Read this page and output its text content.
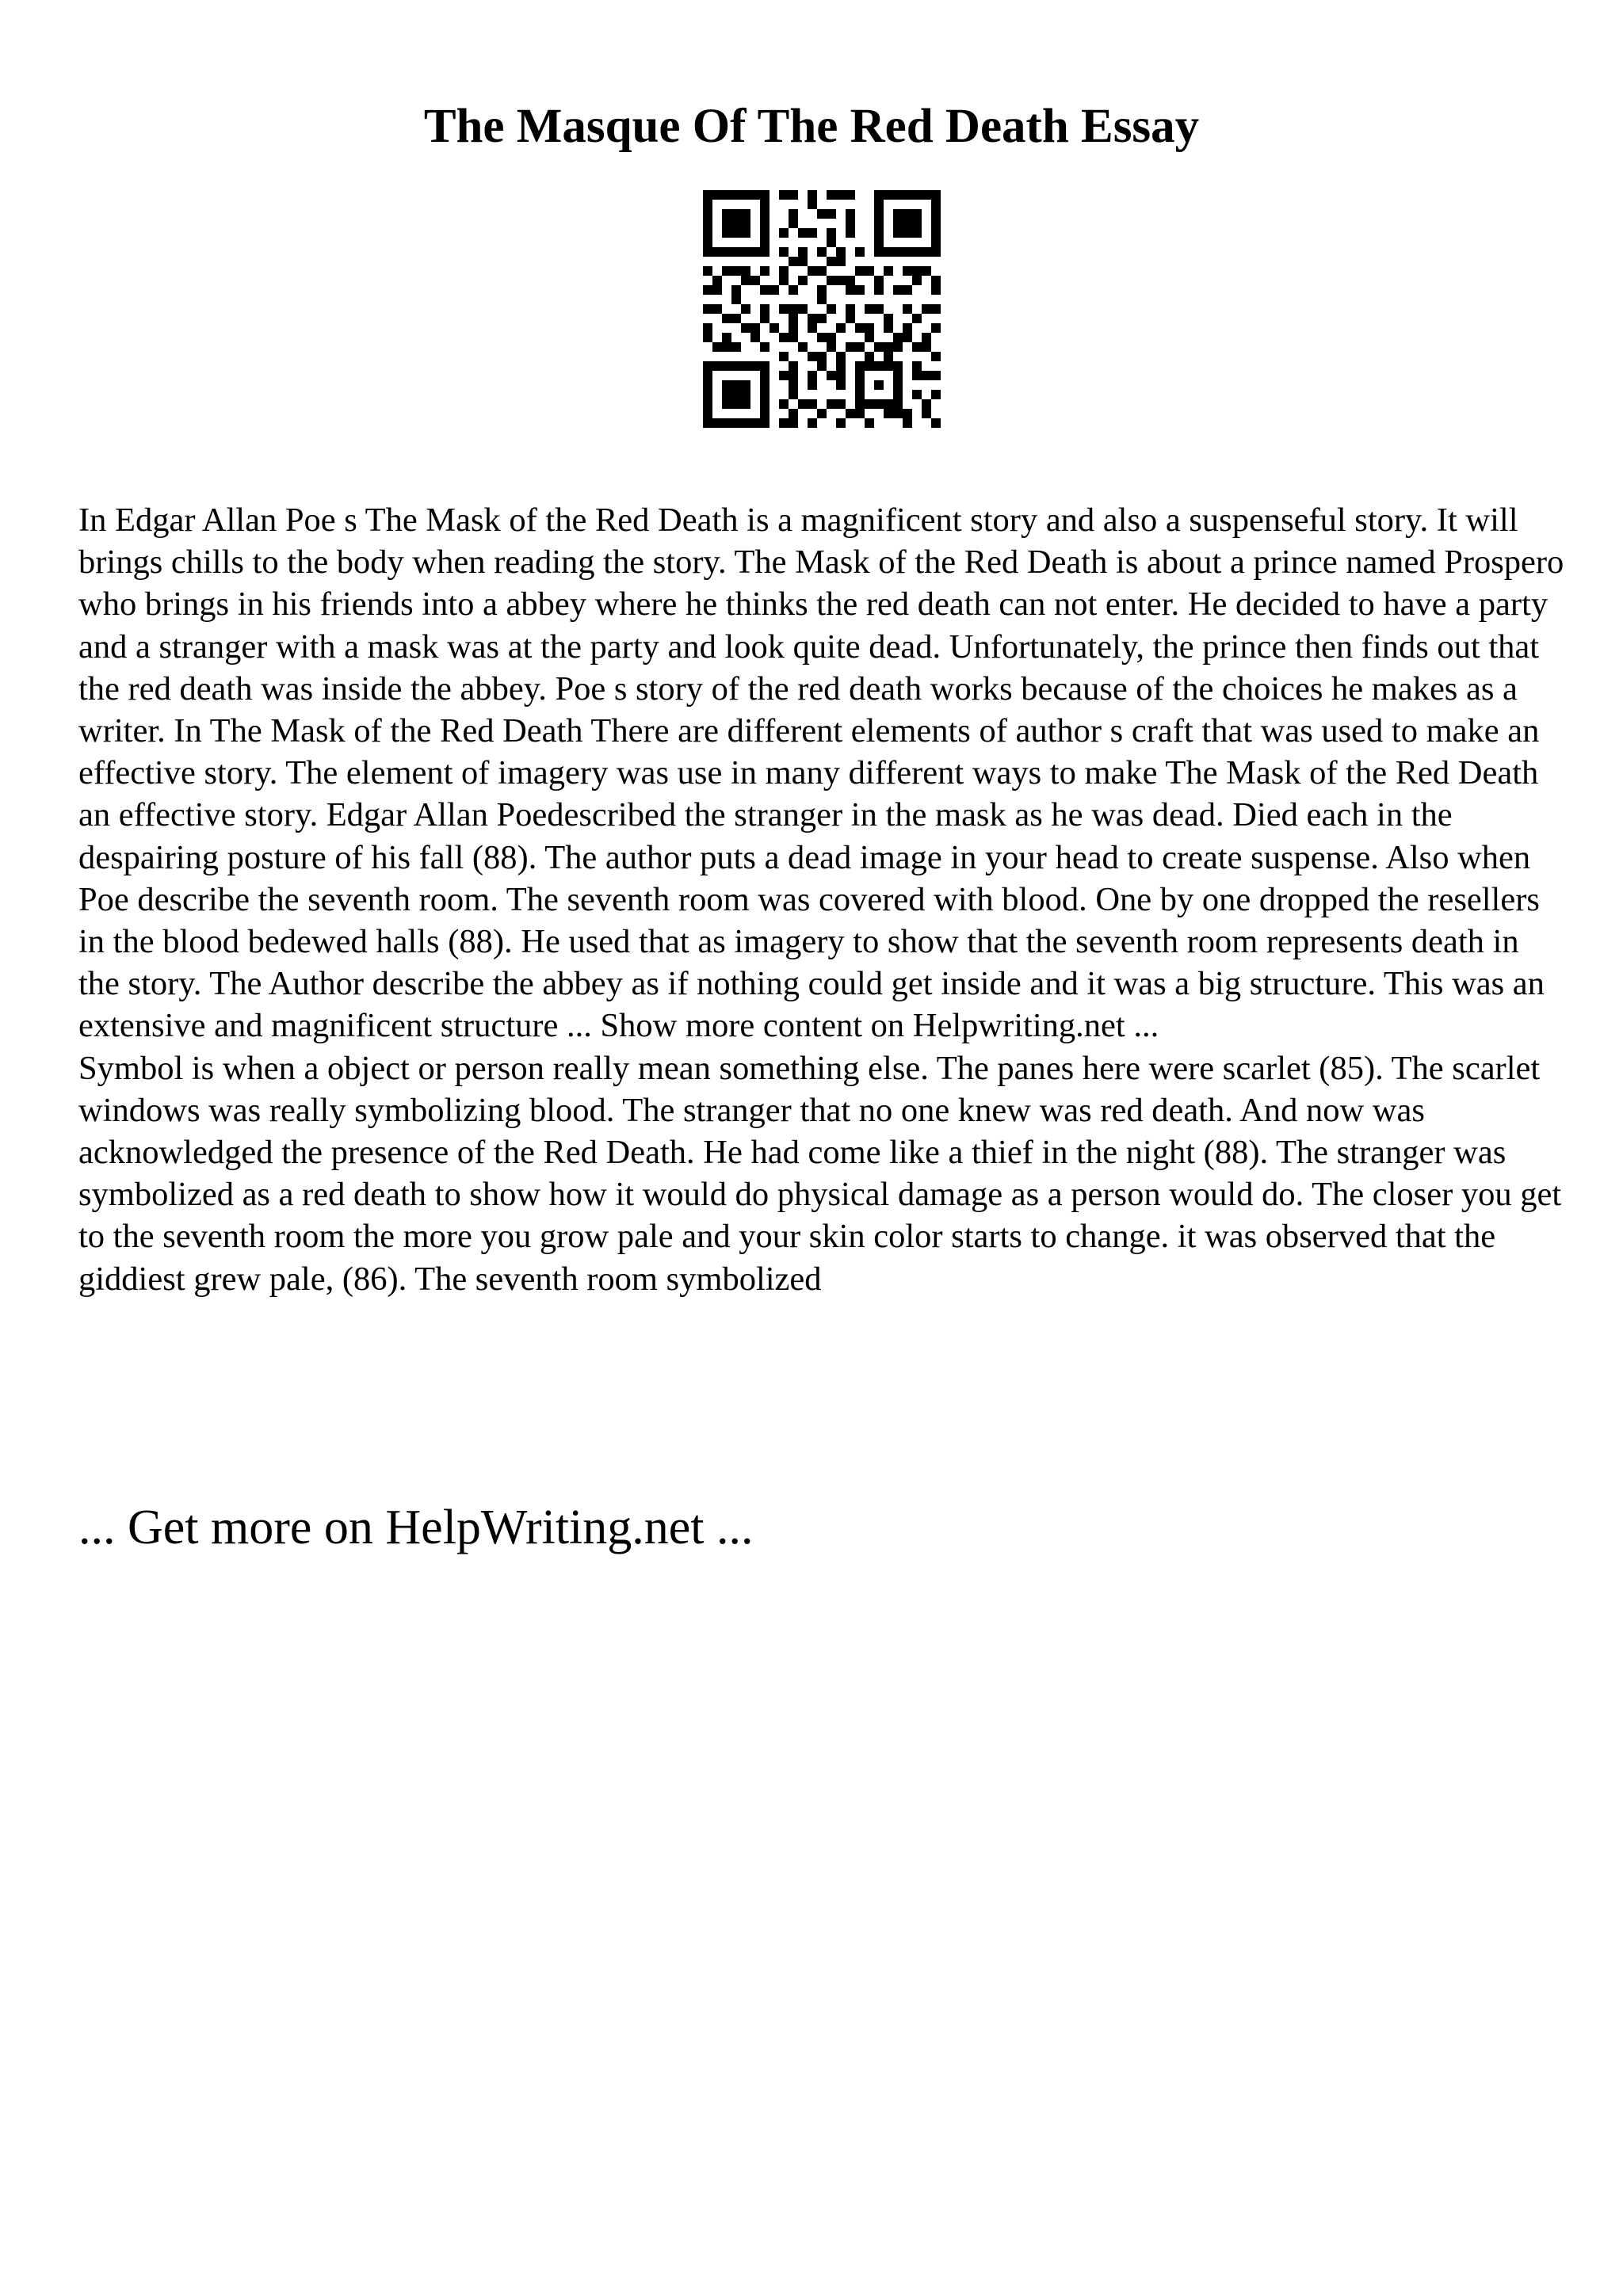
The Masque Of The Red Death Essay

In Edgar Allan Poe s The Mask of the Red Death is a magnificent story and also a suspenseful story. It will brings chills to the body when reading the story. The Mask of the Red Death is about a prince named Prospero who brings in his friends into a abbey where he thinks the red death can not enter. He decided to have a party and a stranger with a mask was at the party and look quite dead. Unfortunately, the prince then finds out that the red death was inside the abbey. Poe s story of the red death works because of the choices he makes as a writer. In The Mask of the Red Death There are different elements of author s craft that was used to make an effective story. The element of imagery was use in many different ways to make The Mask of the Red Death an effective story. Edgar Allan Poedescribed the stranger in the mask as he was dead. Died each in the despairing posture of his fall (88). The author puts a dead image in your head to create suspense. Also when Poe describe the seventh room. The seventh room was covered with blood. One by one dropped the resellers in the blood bedewed halls (88). He used that as imagery to show that the seventh room represents death in the story. The Author describe the abbey as if nothing could get inside and it was a big structure. This was an extensive and magnificent structure ... Show more content on Helpwriting.net ...

Symbol is when a object or person really mean something else. The panes here were scarlet (85). The scarlet windows was really symbolizing blood. The stranger that no one knew was red death. And now was acknowledged the presence of the Red Death. He had come like a thief in the night (88). The stranger was symbolized as a red death to show how it would do physical damage as a person would do. The closer you get to the seventh room the more you grow pale and your skin color starts to change. it was observed that the giddiest grew pale, (86). The seventh room symbolized

... Get more on HelpWriting.net ...
